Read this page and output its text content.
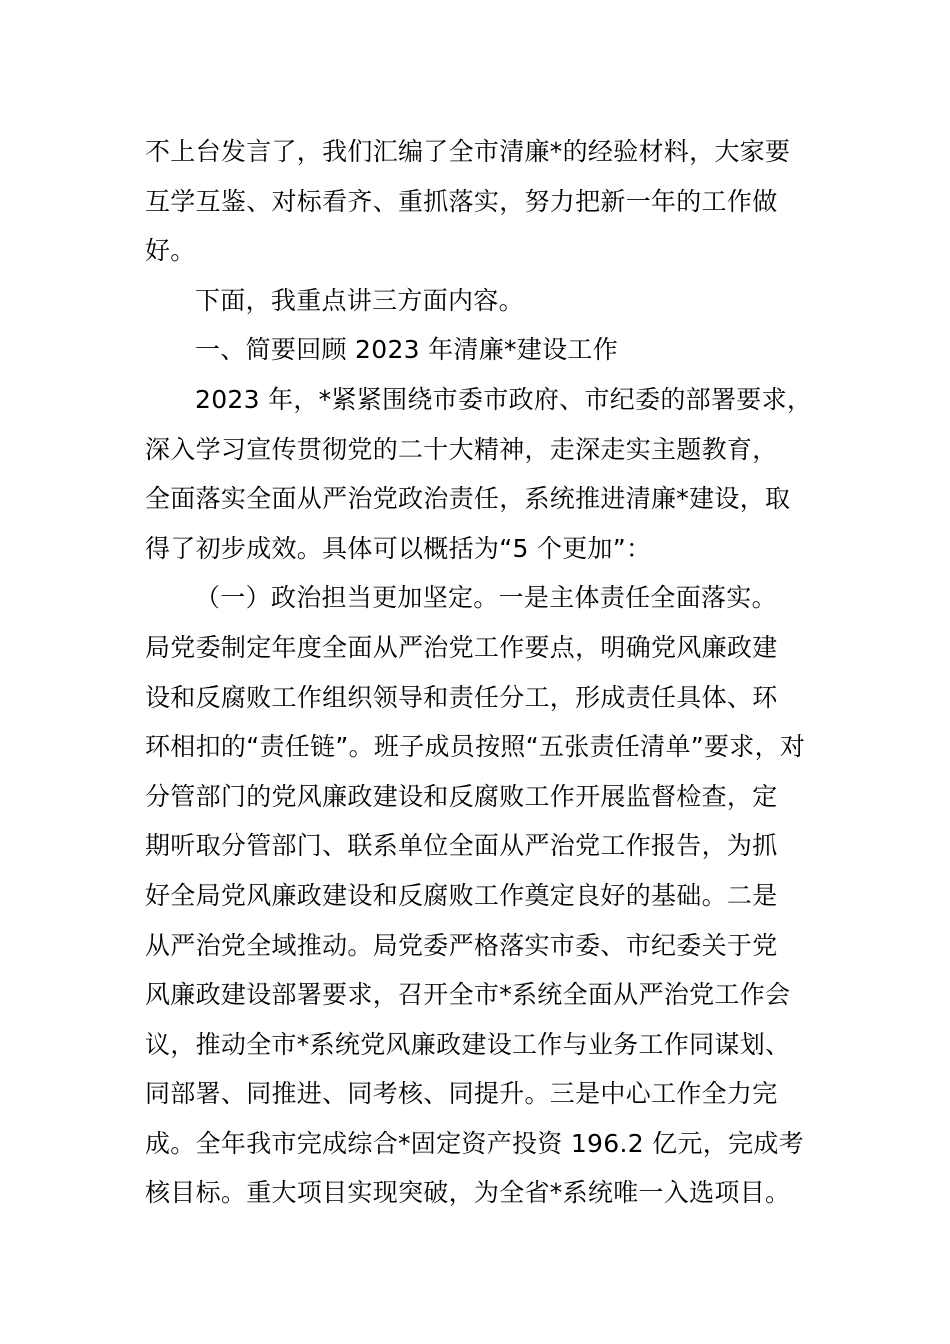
不上台发言了，我们汇编了全市清廉*的经验材料，大家要
互学互鉴、对标看齐、重抓落实，努力把新一年的工作做
好。
下面，我重点讲三方面内容。
一、简要回顾 2023 年清廉*建设工作
2023 年，*紧紧围绕市委市政府、市纪委的部署要求，
深入学习宣传贯彻党的二十大精神，走深走实主题教育，
全面落实全面从严治党政治责任，系统推进清廉*建设，取
得了初步成效。具体可以概括为“5 个更加”：
（一）政治担当更加坚定。一是主体责任全面落实。
局党委制定年度全面从严治党工作要点，明确党风廉政建
设和反腐败工作组织领导和责任分工，形成责任具体、环
环相扣的“责任链”。班子成员按照“五张责任清单”要求，对
分管部门的党风廉政建设和反腐败工作开展监督检查，定
期听取分管部门、联系单位全面从严治党工作报告，为抓
好全局党风廉政建设和反腐败工作奠定良好的基础。二是
从严治党全域推动。局党委严格落实市委、市纪委关于党
风廉政建设部署要求，召开全市*系统全面从严治党工作会
议，推动全市*系统党风廉政建设工作与业务工作同谋划、
同部署、同推进、同考核、同提升。三是中心工作全力完
成。全年我市完成综合*固定资产投资 196.2 亿元，完成考
核目标。重大项目实现突破，为全省*系统唯一入选项目。
